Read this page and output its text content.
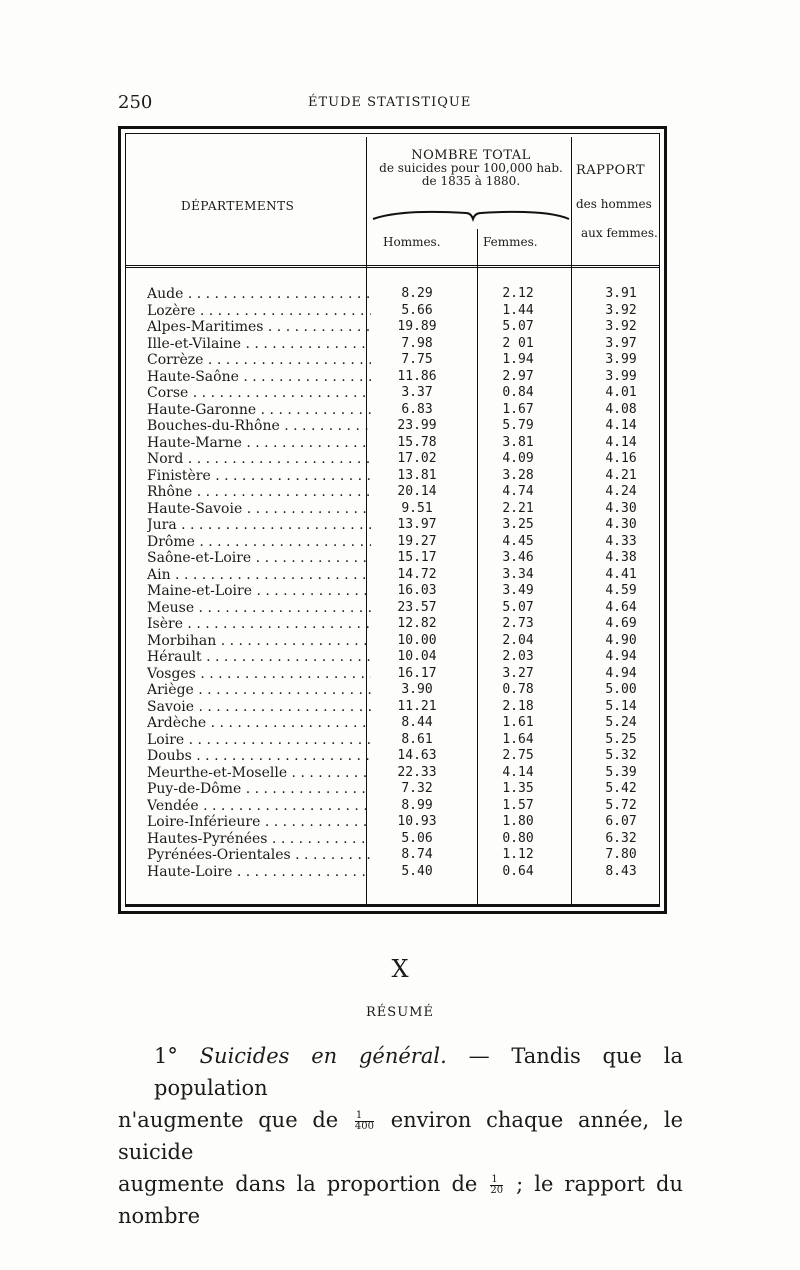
250	ÉTUDE STATISTIQUE
DÉPARTEMENTS
NOMBRE TOTAL
de suicides pour 100,000 hab.
de 1835 à 1880.
Hommes.	Femmes.
RAPPORT
des hommes
aux femmes.
Aude . . .	8.29	2.12	3.91
Lozère . . .	5.66	1.44	3.92
Alpes-Maritimes . . .	19.89	5.07	3.92
Ille-et-Vilaine . . .	7.98	2 01	3.97
Corrèze . . .	7.75	1.94	3.99
Haute-Saône . . .	11.86	2.97	3.99
Corse . . .	3.37	0.84	4.01
Haute-Garonne . . .	6.83	1.67	4.08
Bouches-du-Rhône . . .	23.99	5.79	4.14
Haute-Marne . . .	15.78	3.81	4.14
Nord . . .	17.02	4.09	4.16
Finistère . . .	13.81	3.28	4.21
Rhône . . .	20.14	4.74	4.24
Haute-Savoie . . .	9.51	2.21	4.30
Jura . . .	13.97	3.25	4.30
Drôme . . .	19.27	4.45	4.33
Saône-et-Loire . . .	15.17	3.46	4.38
Ain . . .	14.72	3.34	4.41
Maine-et-Loire . . .	16.03	3.49	4.59
Meuse . . .	23.57	5.07	4.64
Isère . . .	12.82	2.73	4.69
Morbihan . . .	10.00	2.04	4.90
Hérault . . .	10.04	2.03	4.94
Vosges . . .	16.17	3.27	4.94
Ariège . . .	3.90	0.78	5.00
Savoie . . .	11.21	2.18	5.14
Ardèche . . .	8.44	1.61	5.24
Loire . . .	8.61	1.64	5.25
Doubs . . .	14.63	2.75	5.32
Meurthe-et-Moselle . . .	22.33	4.14	5.39
Puy-de-Dôme . . .	7.32	1.35	5.42
Vendée . . .	8.99	1.57	5.72
Loire-Inférieure . . .	10.93	1.80	6.07
Hautes-Pyrénées . . .	5.06	0.80	6.32
Pyrénées-Orientales . . .	8.74	1.12	7.80
Haute-Loire . . .	5.40	0.64	8.43
X
RÉSUMÉ

1° Suicides en général. — Tandis que la population

n'augmente que de $\frac{1}{400}$ environ chaque année, le suicide

augmente dans la proportion de $\frac{1}{20}$ ; le rapport du nombre
